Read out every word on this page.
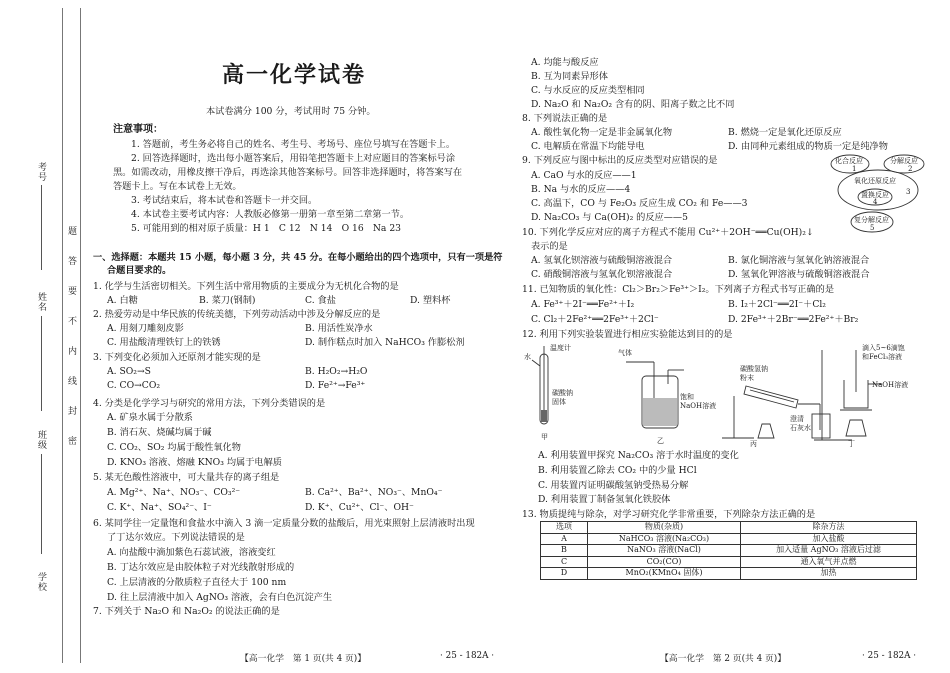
考号
姓名
班级
学校
题
答
要
不
内
线
封
密
高一化学试卷
本试卷满分 100 分，考试用时 75 分钟。
注意事项：
1. 答题前，考生务必将自己的姓名、考生号、考场号、座位号填写在答题卡上。
2. 回答选择题时，选出每小题答案后，用铅笔把答题卡上对应题目的答案标号涂
黑。如需改动，用橡皮擦干净后，再选涂其他答案标号。回答非选择题时，将答案写在
答题卡上。写在本试卷上无效。
3. 考试结束后，将本试卷和答题卡一并交回。
4. 本试卷主要考试内容：人教版必修第一册第一章至第二章第一节。
5. 可能用到的相对原子质量：H 1　C 12　N 14　O 16　Na 23
一、选择题：本题共 15 小题，每小题 3 分，共 45 分。在每小题给出的四个选项中，只有一项是符
合题目要求的。
1. 化学与生活密切相关。下列生活中常用物质的主要成分为无机化合物的是
A. 白糖	B. 菜刀(钢制)	C. 食盐	D. 塑料杯
2. 热爱劳动是中华民族的传统美德，下列劳动活动中涉及分解反应的是
A. 用刻刀雕刻皮影	B. 用活性炭净水
C. 用盐酸清理铁钉上的铁锈	D. 制作糕点时加入 NaHCO₃ 作膨松剂
3. 下列变化必须加入还原剂才能实现的是
A. SO₂→S	B. H₂O₂→H₂O
C. CO→CO₂	D. Fe²⁺→Fe³⁺
4. 分类是化学学习与研究的常用方法，下列分类错误的是
A. 矿泉水属于分散系
B. 消石灰、烧碱均属于碱
C. CO₂、SO₂ 均属于酸性氧化物
D. KNO₃ 溶液、熔融 KNO₃ 均属于电解质
5. 某无色酸性溶液中，可大量共存的离子组是
A. Mg²⁺、Na⁺、NO₃⁻、CO₃²⁻	B. Ca²⁺、Ba²⁺、NO₃⁻、MnO₄⁻
C. K⁺、Na⁺、SO₄²⁻、I⁻	D. K⁺、Cu²⁺、Cl⁻、OH⁻
6. 某同学往一定量饱和食盐水中滴入 3 滴一定质量分数的盐酸后，用光束照射上层清液时出现
了丁达尔效应。下列说法错误的是
A. 向盐酸中滴加紫色石蕊试液，溶液变红
B. 丁达尔效应是由胶体粒子对光线散射形成的
C. 上层清液的分散质粒子直径大于 100 nm
D. 往上层清液中加入 AgNO₃ 溶液，会有白色沉淀产生
7. 下列关于 Na₂O 和 Na₂O₂ 的说法正确的是
【高一化学　第 1 页(共 4 页)】	· 25 - 182A ·
A. 均能与酸反应
B. 互为同素异形体
C. 与水反应的反应类型相同
D. Na₂O 和 Na₂O₂ 含有的阴、阳离子数之比不同
8. 下列说法正确的是
A. 酸性氧化物一定是非金属氧化物	B. 燃烧一定是氧化还原反应
C. 电解质在常温下均能导电	D. 由同种元素组成的物质一定是纯净物
9. 下列反应与图中标出的反应类型对应错误的是
A. CaO 与水的反应——1
B. Na 与水的反应——4
C. 高温下，CO 与 Fe₂O₃ 反应生成 CO₂ 和 Fe——3
D. Na₂CO₃ 与 Ca(OH)₂ 的反应——5
化合反应
1
分解反应
2
氧化还原反应
3
置换反应
4
复分解反应
5
10. 下列化学反应对应的离子方程式不能用 Cu²⁺＋2OH⁻══Cu(OH)₂↓
表示的是
A. 氢氧化钡溶液与硫酸铜溶液混合	B. 氯化铜溶液与氢氧化钠溶液混合
C. 硝酸铜溶液与氢氧化钡溶液混合	D. 氢氧化钾溶液与硫酸铜溶液混合
11. 已知物质的氧化性：Cl₂＞Br₂＞Fe³⁺＞I₂。下列离子方程式书写正确的是
A. Fe³⁺＋2I⁻══Fe²⁺＋I₂	B. I₂＋2Cl⁻══2I⁻＋Cl₂
C. Cl₂＋2Fe²⁺══2Fe³⁺＋2Cl⁻	D. 2Fe³⁺＋2Br⁻══2Fe²⁺＋Br₂
12. 利用下列实验装置进行相应实验能达到目的的是
水
温度计
碳酸钠
固体
甲
气体
饱和
NaOH溶液
乙
碳酸氢钠
粉末
澄清
石灰水
丙
滴入5~6滴饱
和FeCl₃溶液
NaOH溶液
丁
A. 利用装置甲探究 Na₂CO₃ 溶于水时温度的变化
B. 利用装置乙除去 CO₂ 中的少量 HCl
C. 用装置丙证明碳酸氢钠受热易分解
D. 利用装置丁制备氢氧化铁胶体
13. 物质提纯与除杂，对学习研究化学非常重要，下列除杂方法正确的是
选项	物质(杂质)	除杂方法
A	NaHCO₃ 溶液(Na₂CO₃)	加入盐酸
B	NaNO₃ 溶液(NaCl)	加入适量 AgNO₃ 溶液后过滤
C	CO₂(CO)	通入氧气并点燃
D	MnO₂(KMnO₄ 固体)	加热
【高一化学　第 2 页(共 4 页)】	· 25 - 182A ·
